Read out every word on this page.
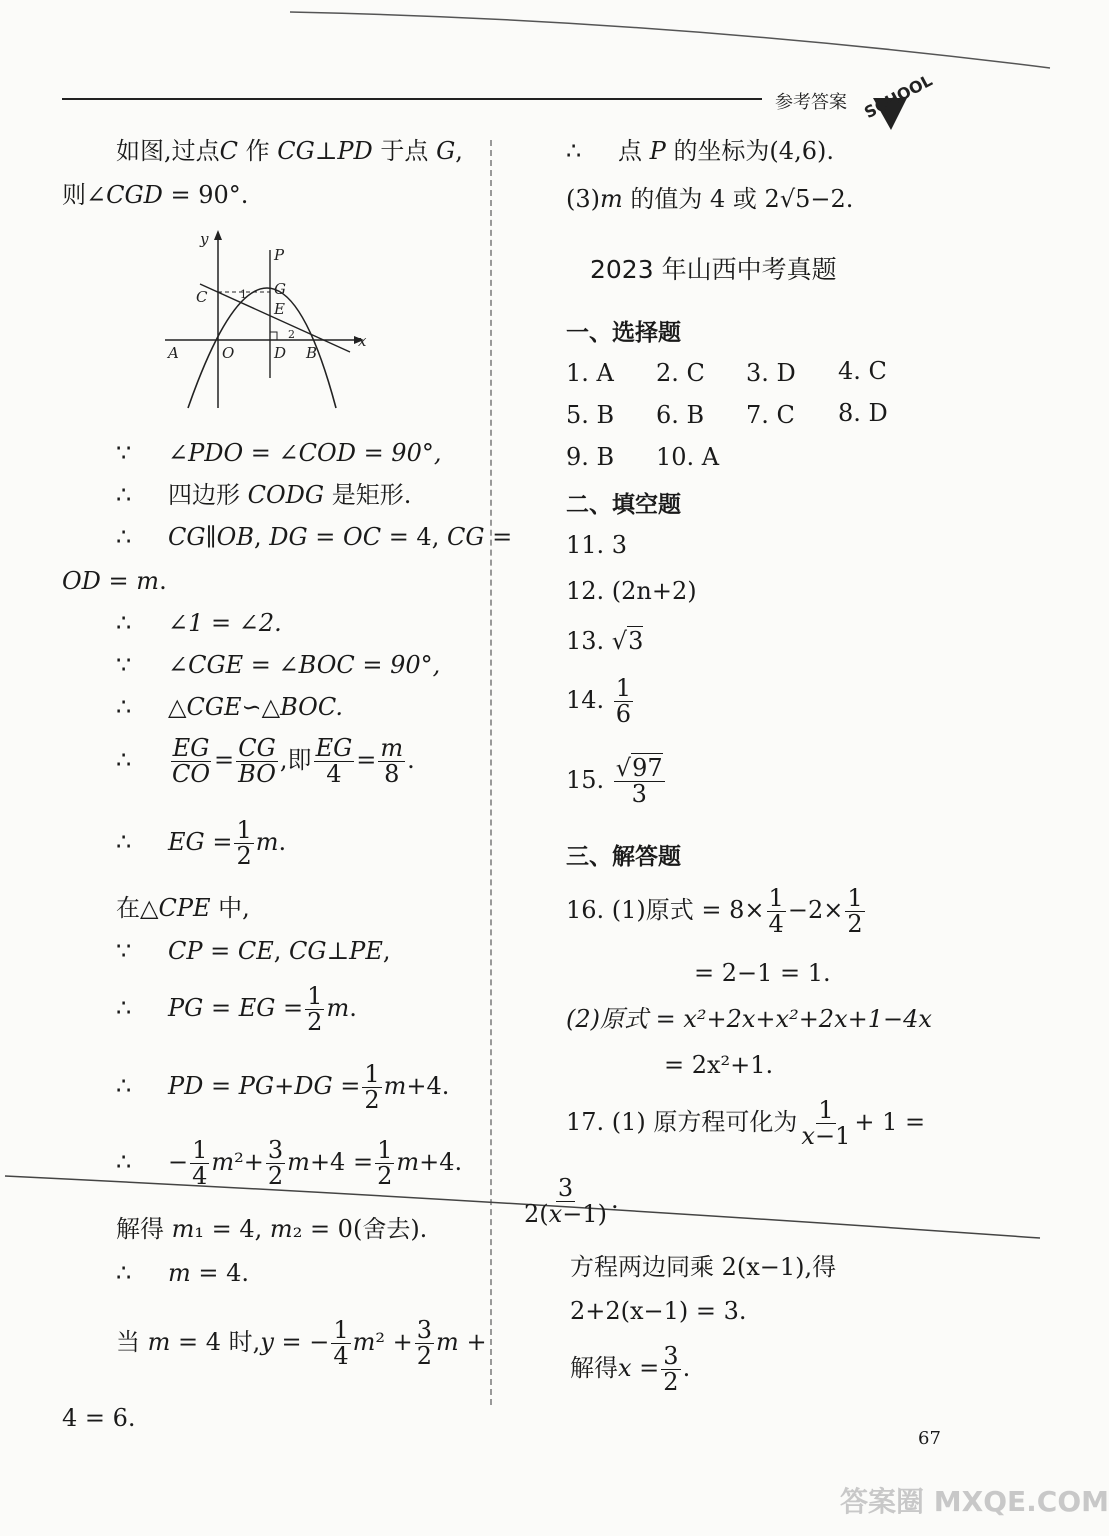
参考答案 SCHOOL
如图,过点C 作 CG⊥PD 于点 G,
则∠CGD = 90°.
y
x
P
C	G
E
A	O	D B
1
2
∵ ∠PDO = ∠COD = 90°,
∴ 四边形 CODG 是矩形.
∴ CG∥OB, DG = OC = 4, CG =
OD = m.
∴ ∠1 = ∠2.
∵ ∠CGE = ∠BOC = 90°,
∴ △CGE∽△BOC.
∴ $\frac{EG}{CO} = \frac{CG}{BO}$ ,即 $\frac{EG}{4} = \frac{m}{8}$ .
∴ EG = $\frac{1}{2} m$.
在△CPE 中,
∵ CP = CE, CG⊥PE,
∴ PG = EG = $\frac{1}{2} m$.
∴ PD = $PG+DG = \frac{1}{2} m+4$.
∴ − $\frac{1}{4} m^2+ \frac{3}{2} m+4 = \frac{1}{2} m+4$.
解得 m₁ = 4, m₂ = 0(舍去).
∴ m = 4.
当 m = 4 时,y = − $\frac{1}{4} m^2 + \frac{3}{2}$ m +
4 = 6.
∴ 点 P 的坐标为(4,6).
(3)m 的值为 4 或 2√5−2.
2023 年山西中考真题
一、选择题
1. A 2. C 3. D 4. C
5. B 6. B 7. C 8. D
9. B 10. A
二、填空题
11. 3
12. (2n+2)
13. √3
14. $\frac{1}{6}$
15. $\frac{√97}{3}$
三、解答题
16. (1)原式 = $8\times \frac{1}{4} -2\times \frac{1}{2}$
= 2−1 = 1.
(2)原式 = x²+2x+x²+2x+1−4x
= 2x²+1.
17. (1) 原方程可化为 $\frac{1}{x-1} + 1$ =
$\frac{3}{2(x-1)}$ .
方程两边同乘 2(x−1),得
2+2(x−1) = 3.
解得$x = \frac{3}{2}$ .
67
答案圈 MXQE.COM
